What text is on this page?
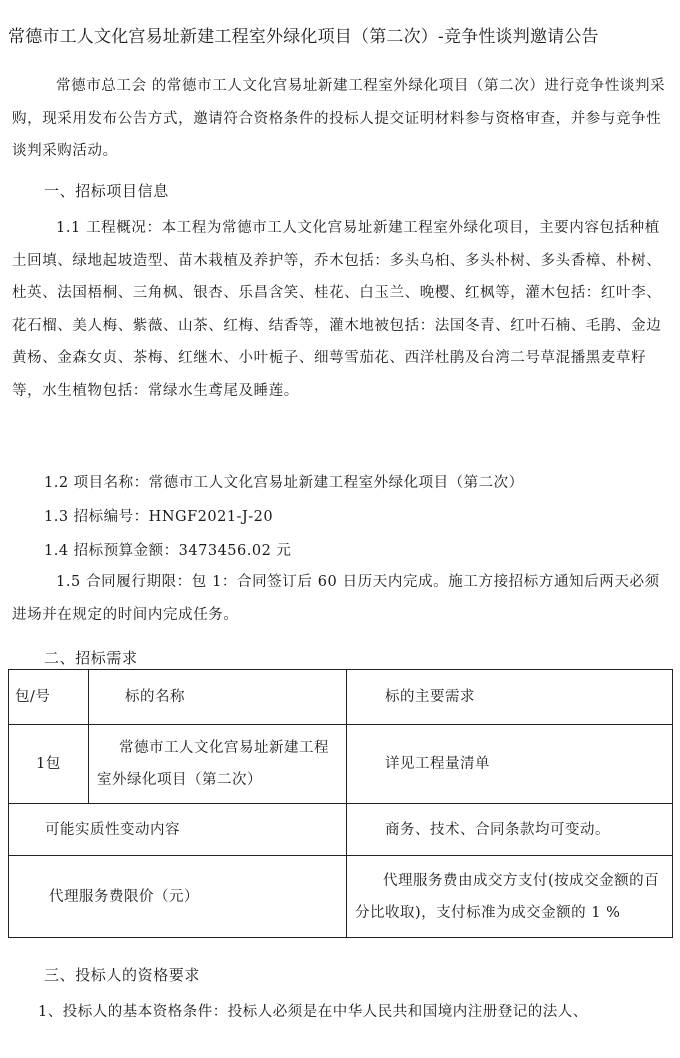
常德市工人文化宫易址新建工程室外绿化项目（第二次）-竞争性谈判邀请公告
常德市总工会 的常德市工人文化宫易址新建工程室外绿化项目（第二次）进行竞争性谈判采购，现采用发布公告方式，邀请符合资格条件的投标人提交证明材料参与资格审查，并参与竞争性谈判采购活动。
一、招标项目信息
1.1 工程概况：本工程为常德市工人文化宫易址新建工程室外绿化项目，主要内容包括种植土回填、绿地起坡造型、苗木栽植及养护等，乔木包括：多头乌桕、多头朴树、多头香樟、朴树、杜英、法国梧桐、三角枫、银杏、乐昌含笑、桂花、白玉兰、晚樱、红枫等，灌木包括：红叶李、花石榴、美人梅、紫薇、山茶、红梅、结香等，灌木地被包括：法国冬青、红叶石楠、毛鹃、金边黄杨、金森女贞、茶梅、红继木、小叶栀子、细萼雪茄花、西洋杜鹃及台湾二号草混播黑麦草籽等，水生植物包括：常绿水生鸢尾及睡莲。
1.2 项目名称：常德市工人文化宫易址新建工程室外绿化项目（第二次）
1.3 招标编号：HNGF2021-J-20
1.4 招标预算金额：3473456.02 元
1.5 合同履行期限：包 1：合同签订后 60 日历天内完成。施工方接招标方通知后两天必须进场并在规定的时间内完成任务。
二、招标需求
包/号	标的名称	标的主要需求
1包	常德市工人文化宫易址新建工程室外绿化项目（第二次）	详见工程量清单
可能实质性变动内容		商务、技术、合同条款均可变动。
代理服务费限价（元）		代理服务费由成交方支付(按成交金额的百分比收取)，支付标准为成交金额的 1 %
三、投标人的资格要求
1、投标人的基本资格条件：投标人必须是在中华人民共和国境内注册登记的法人、
